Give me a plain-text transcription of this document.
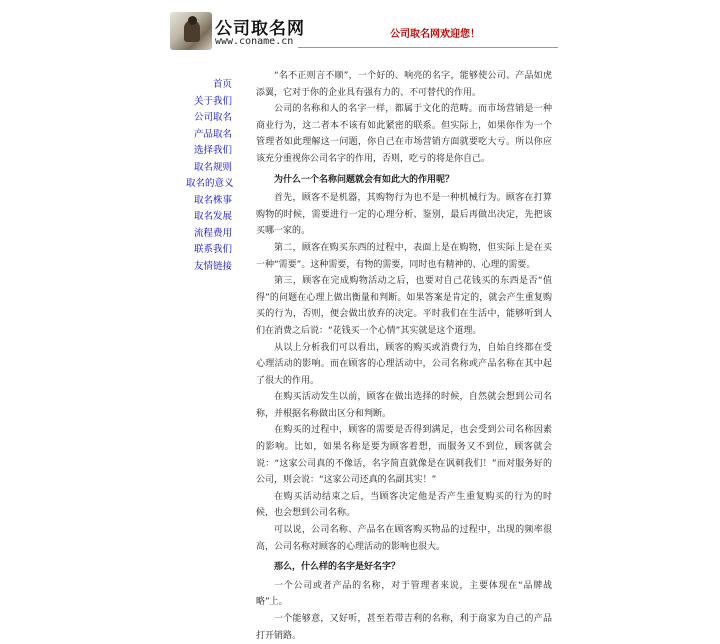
公司取名网
www.coname.cn
公司取名网欢迎您！
首页
关于我们
公司取名
产品取名
选择我们
取名规则
取名的意义
取名株事
取名发展
流程费用
联系我们
友情链接

“名不正则言不顺”，一个好的、响亮的名字，能够使公司、产品如虎添翼，它对于你的企业具有强有力的、不可替代的作用。

公司的名称和人的名字一样，都属于文化的范畴。而市场营销是一种商业行为，这二者本不该有如此紧密的联系。但实际上，如果你作为一个管理者如此理解这一问题，你自己在市场营销方面就要吃大亏。所以你应该充分重视你公司名字的作用，否则，吃亏的将是你自己。

为什么一个名称问题就会有如此大的作用呢？

首先，顾客不是机器，其购物行为也不是一种机械行为。顾客在打算购物的时候，需要进行一定的心理分析、鉴别，最后再做出决定，先把该买哪一家的。

第二，顾客在购买东西的过程中，表面上是在购物，但实际上是在买一种“需要”。这种需要，有物的需要，同时也有精神的、心理的需要。

第三，顾客在完成购物活动之后，也要对自己花钱买的东西是否“值得”的问题在心理上做出衡量和判断。如果答案是肯定的，就会产生重复购买的行为，否则，便会做出放弃的决定。平时我们在生活中，能够听到人们在消费之后说：“花钱买一个心情”其实就是这个道理。

从以上分析我们可以看出，顾客的购买或消费行为，自始自终都在受心理活动的影响。而在顾客的心理活动中，公司名称或产品名称在其中起了很大的作用。

在购买活动发生以前，顾客在做出选择的时候，自然就会想到公司名称，并根据名称做出区分和判断。

在购买的过程中，顾客的需要是否得到满足，也会受到公司名称因素的影响。比如，如果名称是要为顾客着想，而服务又不到位，顾客就会说：“这家公司真的不像话，名字简直就像是在讽刺我们！”而对服务好的公司，则会说：“这家公司还真的名副其实！”

在购买活动结束之后，当顾客决定他是否产生重复购买的行为的时候，也会想到公司名称。

可以说，公司名称、产品名在顾客购买物品的过程中，出现的频率很高，公司名称对顾客的心理活动的影响也很大。

那么，什么样的名字是好名字？

一个公司或者产品的名称，对于管理者来说，主要体现在“品牌战略”上。

一个能够意，又好听，甚至若带吉利的名称，利于商家为自己的产品打开销路。
